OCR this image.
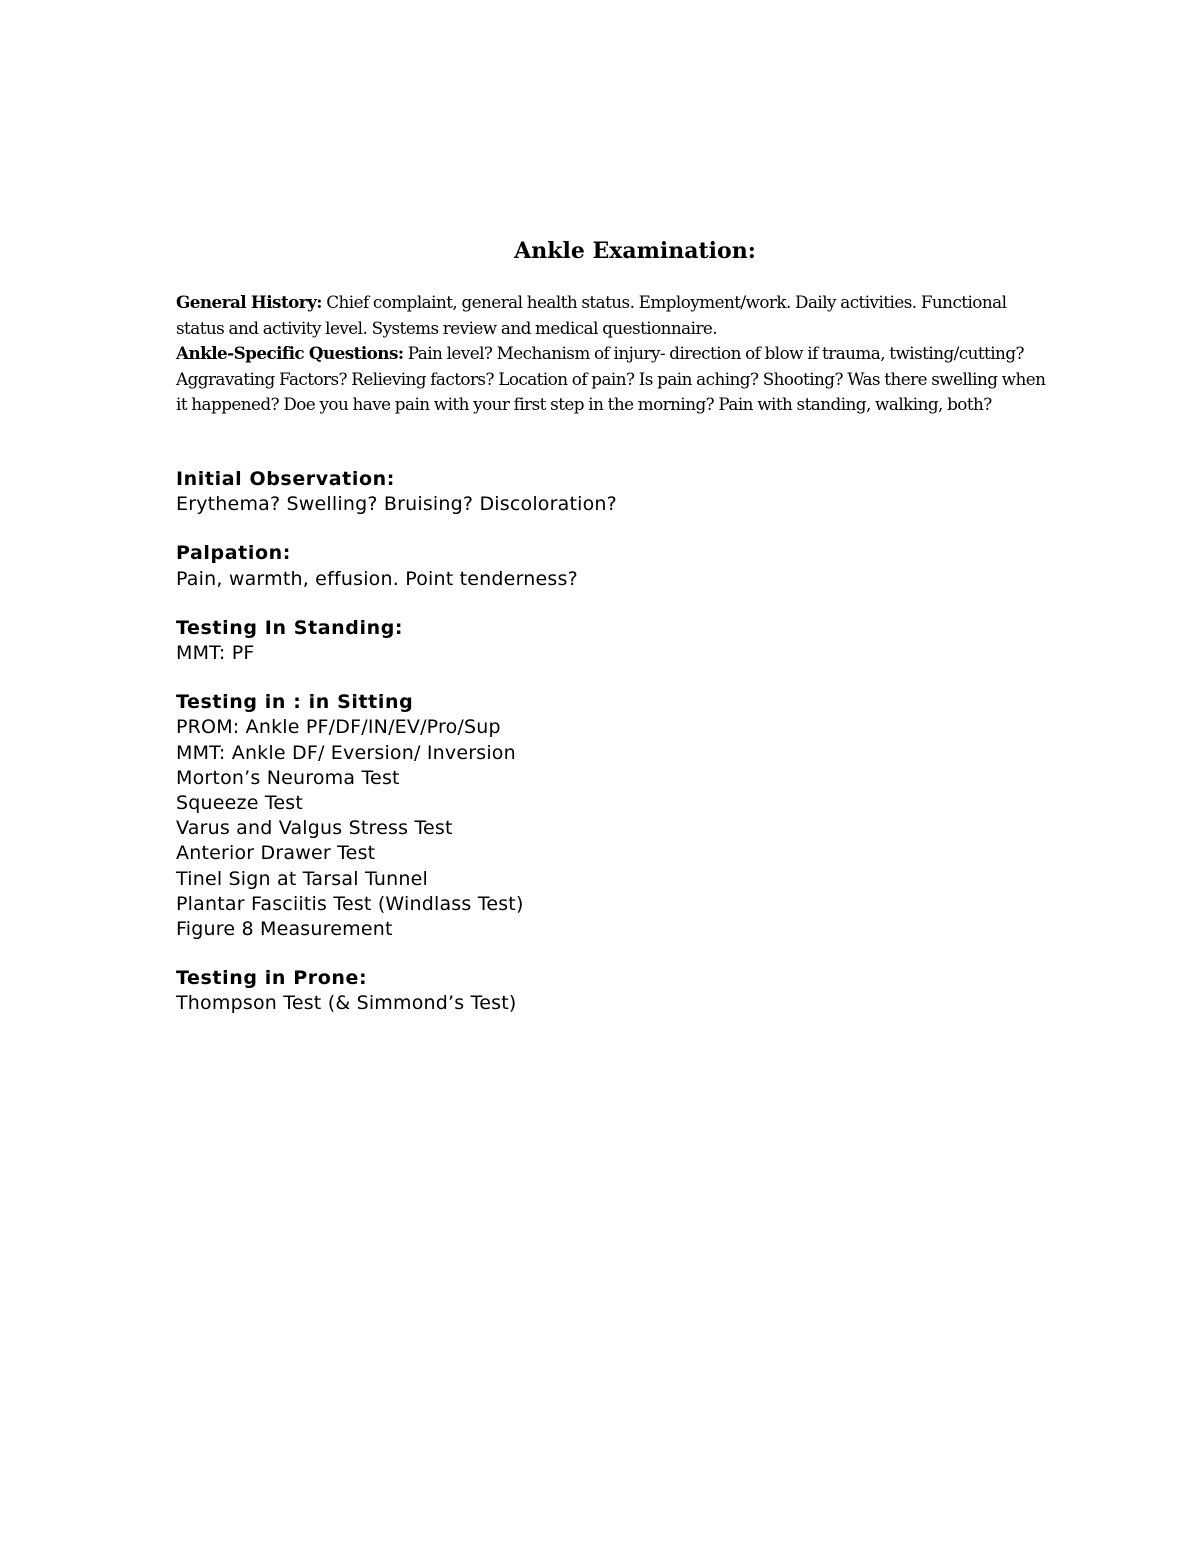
Ankle Examination:

General History: Chief complaint, general health status. Employment/work. Daily activities. Functional status and activity level. Systems review and medical questionnaire.
Ankle-Specific Questions: Pain level? Mechanism of injury- direction of blow if trauma, twisting/cutting? Aggravating Factors? Relieving factors? Location of pain? Is pain aching? Shooting? Was there swelling when it happened? Doe you have pain with your first step in the morning? Pain with standing, walking, both?

Initial Observation:
Erythema? Swelling? Bruising? Discoloration?
Palpation:
Pain, warmth, effusion. Point tenderness?
Testing In Standing:
MMT: PF
Testing in : in Sitting
PROM: Ankle PF/DF/IN/EV/Pro/Sup
MMT: Ankle DF/ Eversion/ Inversion
Morton’s Neuroma Test
Squeeze Test
Varus and Valgus Stress Test
Anterior Drawer Test
Tinel Sign at Tarsal Tunnel
Plantar Fasciitis Test (Windlass Test)
Figure 8 Measurement
Testing in Prone:
Thompson Test (& Simmond’s Test)
